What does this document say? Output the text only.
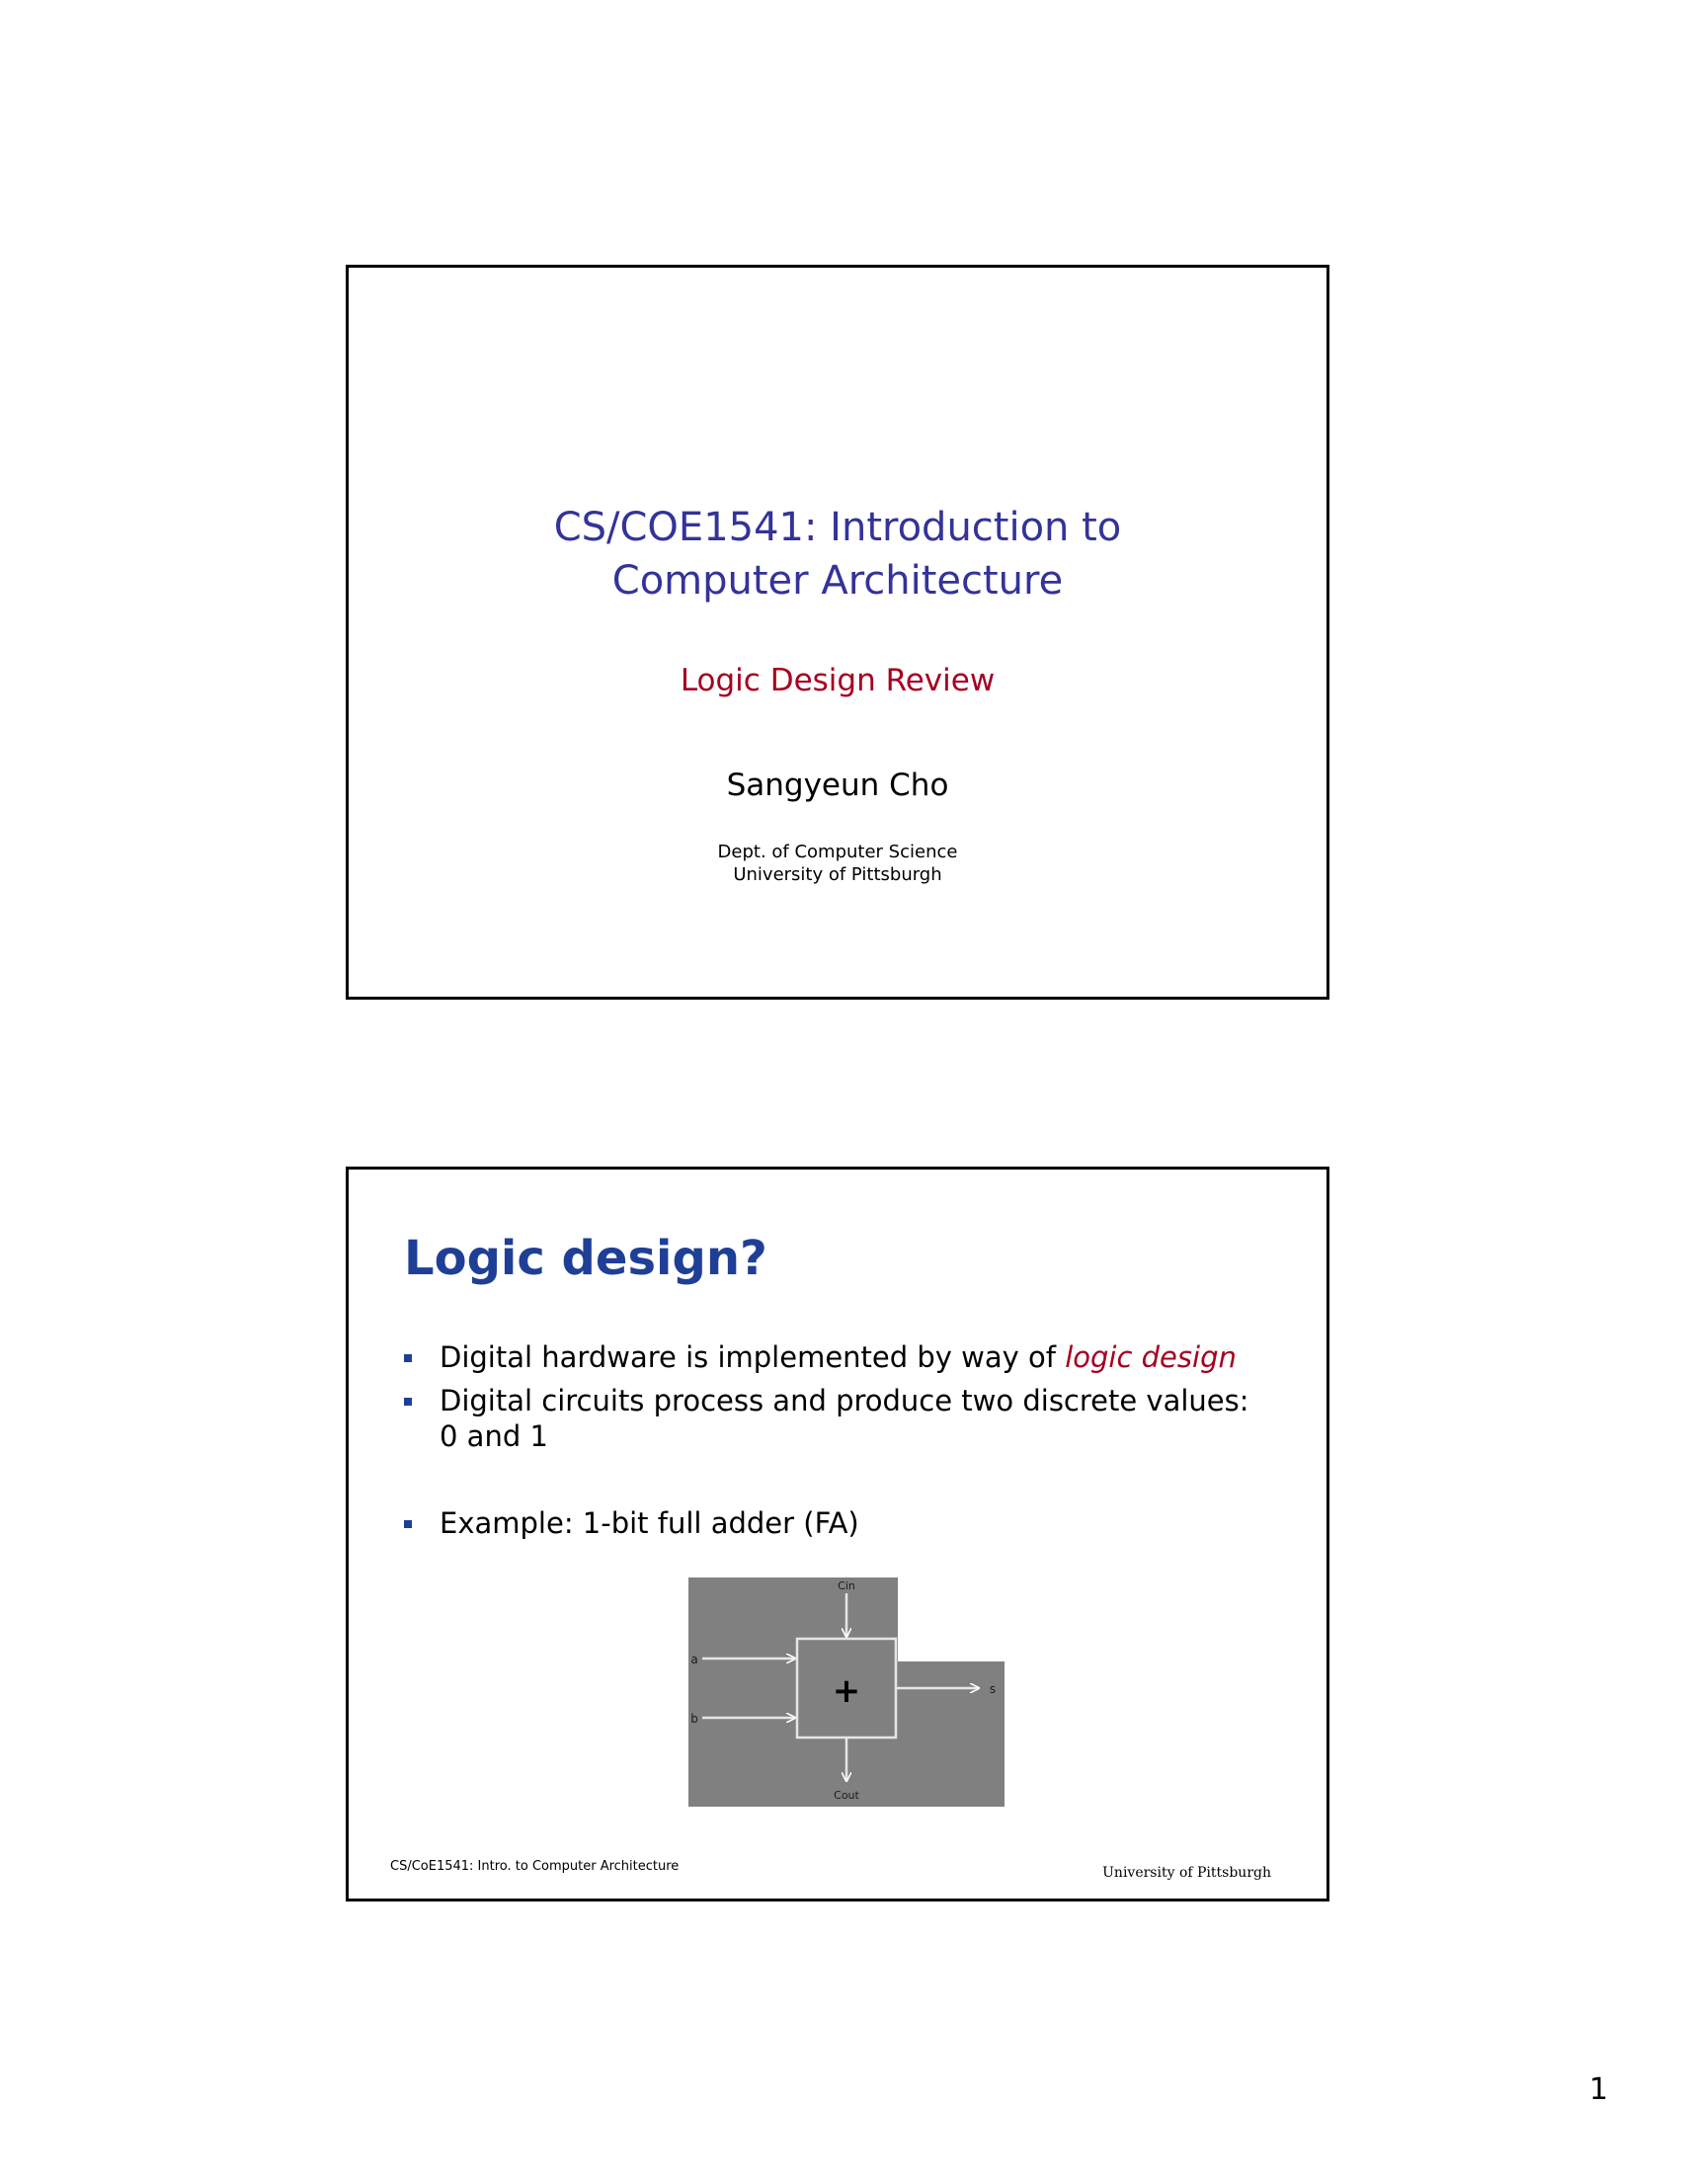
CS/COE1541: Introduction to
Computer Architecture
Logic Design Review
Sangyeun Cho
Dept. of Computer Science
University of Pittsburgh
Logic design?
Digital hardware is implemented by way of logic design
Digital circuits process and produce two discrete values: 0 and 1
Example: 1-bit full adder (FA)
+
Cin
a
b
s
Cout
CS/CoE1541: Intro. to Computer Architecture	University of Pittsburgh
1
